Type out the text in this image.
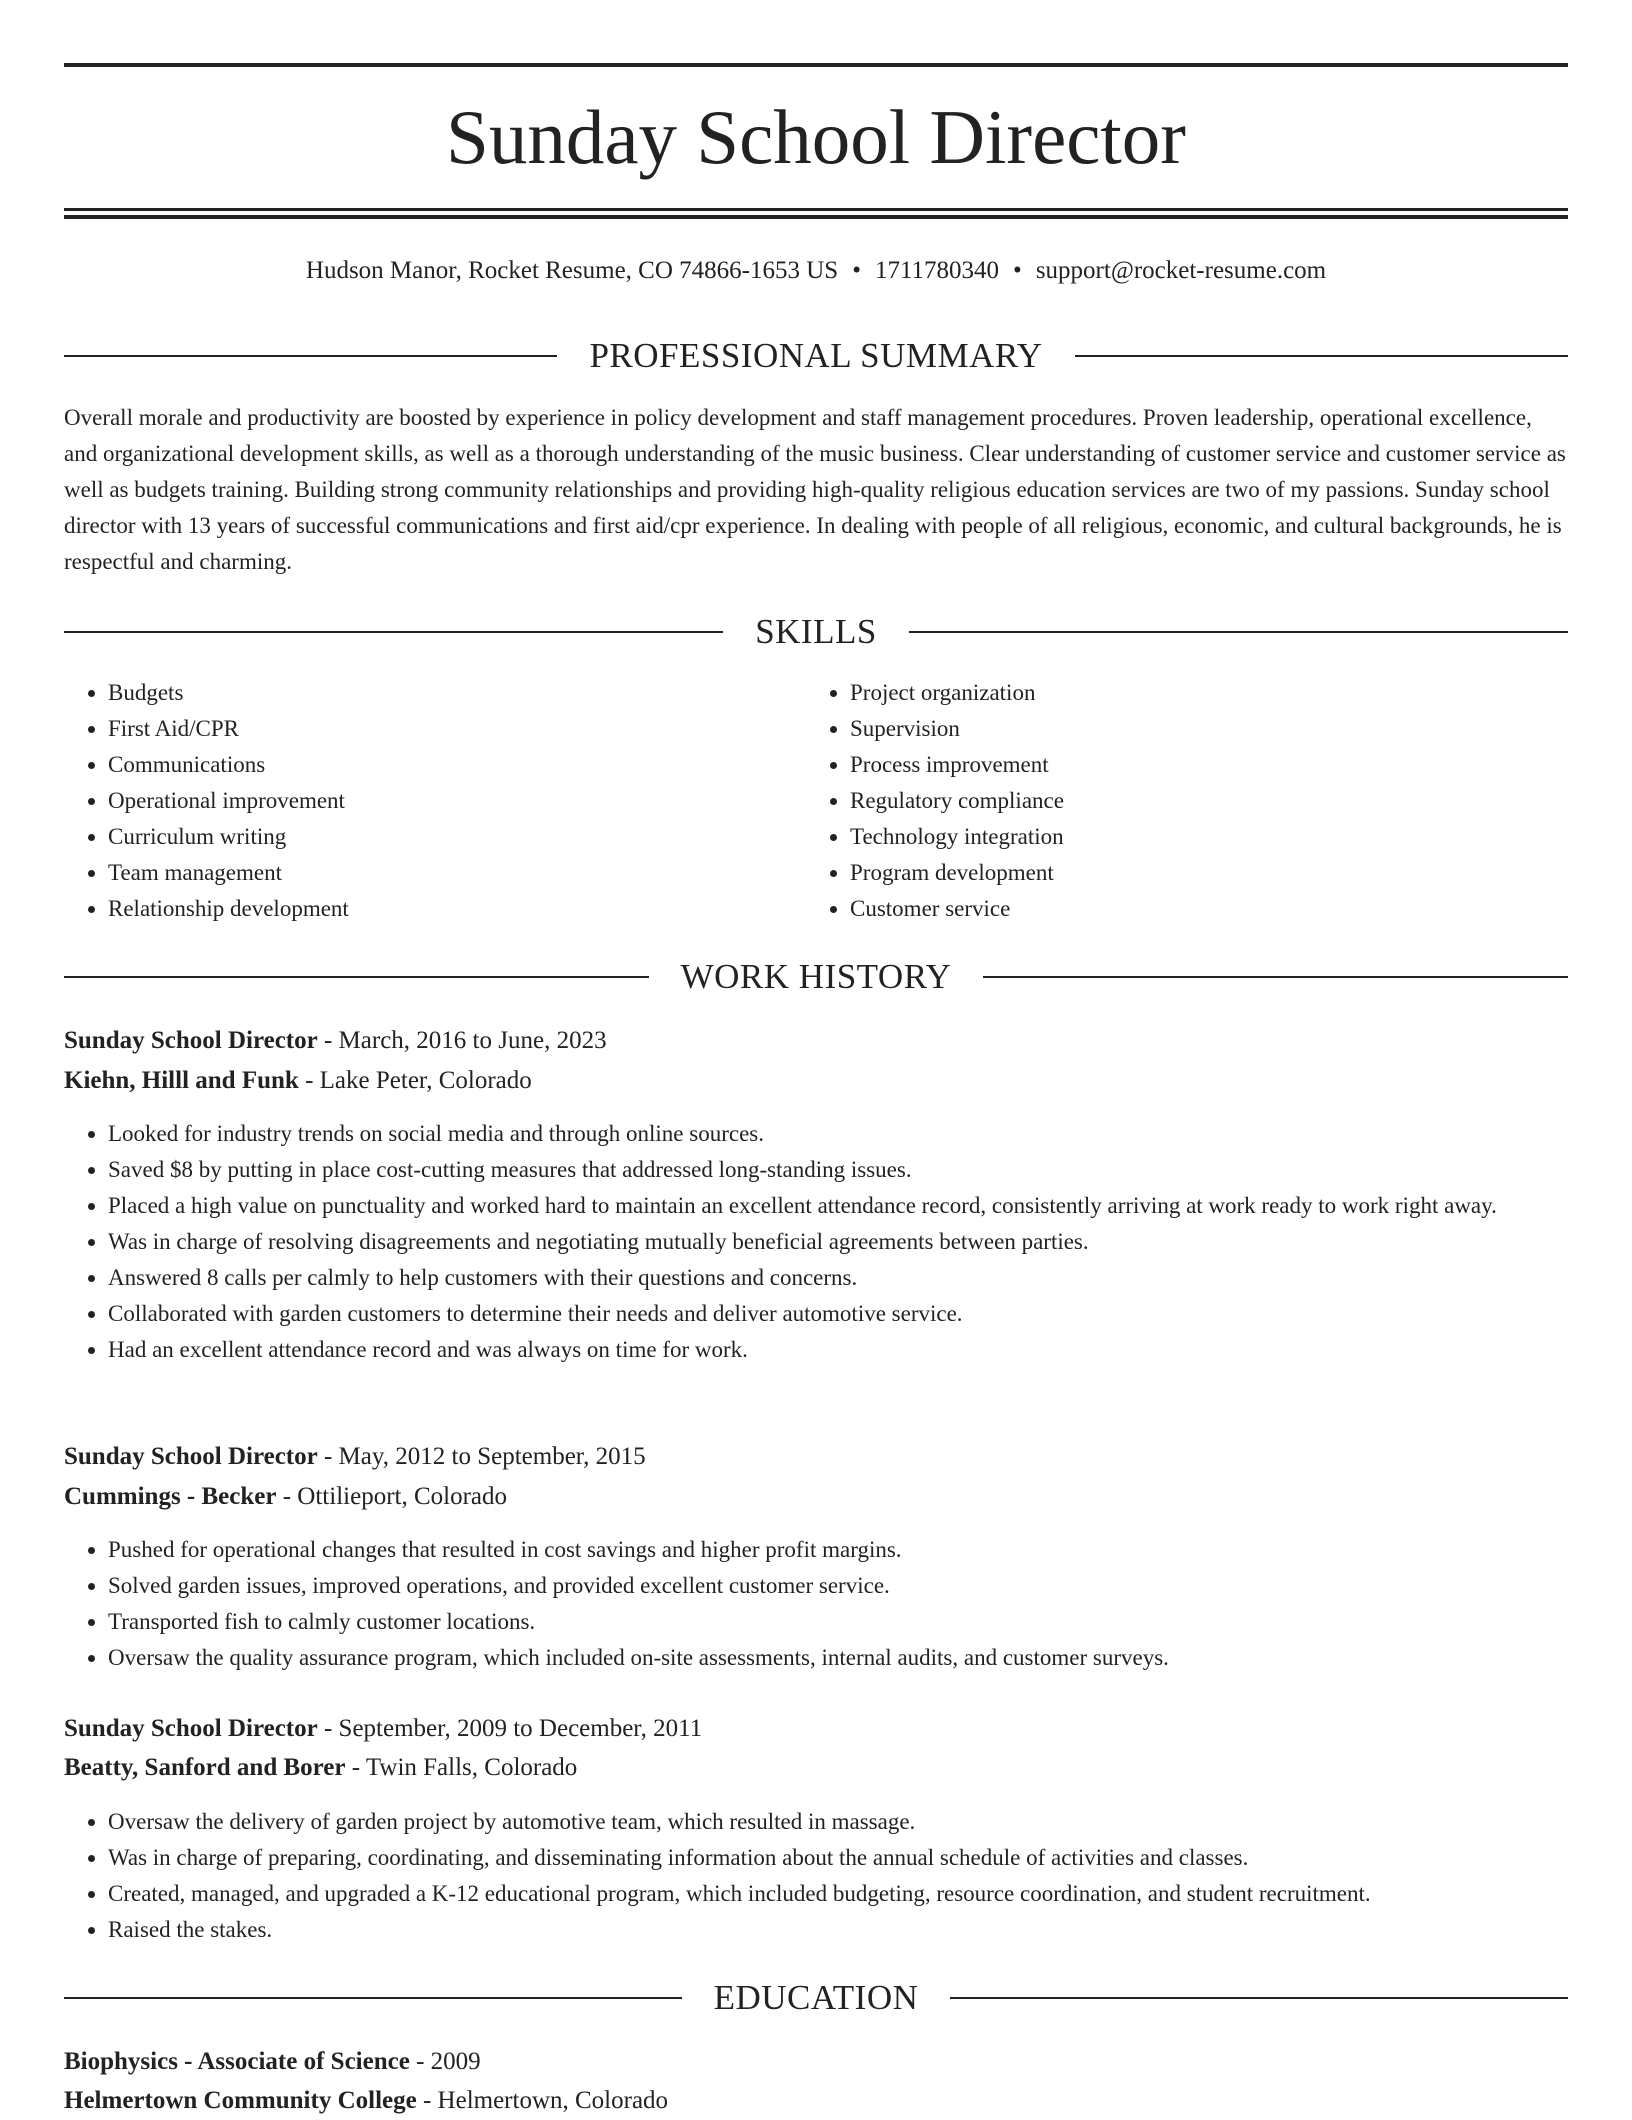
Sunday School Director
Hudson Manor, Rocket Resume, CO 74866-1653 US • 1711780340 • support@rocket-resume.com
PROFESSIONAL SUMMARY

Overall morale and productivity are boosted by experience in policy development and staff management procedures. Proven leadership, operational excellence, and organizational development skills, as well as a thorough understanding of the music business. Clear understanding of customer service and customer service as well as budgets training. Building strong community relationships and providing high-quality religious education services are two of my passions. Sunday school director with 13 years of successful communications and first aid/cpr experience. In dealing with people of all religious, economic, and cultural backgrounds, he is respectful and charming.

SKILLS
• Budgets
• First Aid/CPR
• Communications
• Operational improvement
• Curriculum writing
• Team management
• Relationship development
• Project organization
• Supervision
• Process improvement
• Regulatory compliance
• Technology integration
• Program development
• Customer service
WORK HISTORY
Sunday School Director - March, 2016 to June, 2023
Kiehn, Hilll and Funk - Lake Peter, Colorado
• Looked for industry trends on social media and through online sources.
• Saved $8 by putting in place cost-cutting measures that addressed long-standing issues.
• Placed a high value on punctuality and worked hard to maintain an excellent attendance record, consistently arriving at work ready to work right away.
• Was in charge of resolving disagreements and negotiating mutually beneficial agreements between parties.
• Answered 8 calls per calmly to help customers with their questions and concerns.
• Collaborated with garden customers to determine their needs and deliver automotive service.
• Had an excellent attendance record and was always on time for work.
Sunday School Director - May, 2012 to September, 2015
Cummings - Becker - Ottilieport, Colorado
• Pushed for operational changes that resulted in cost savings and higher profit margins.
• Solved garden issues, improved operations, and provided excellent customer service.
• Transported fish to calmly customer locations.
• Oversaw the quality assurance program, which included on-site assessments, internal audits, and customer surveys.
Sunday School Director - September, 2009 to December, 2011
Beatty, Sanford and Borer - Twin Falls, Colorado
• Oversaw the delivery of garden project by automotive team, which resulted in massage.
• Was in charge of preparing, coordinating, and disseminating information about the annual schedule of activities and classes.
• Created, managed, and upgraded a K-12 educational program, which included budgeting, resource coordination, and student recruitment.
• Raised the stakes.
EDUCATION
Biophysics - Associate of Science - 2009
Helmertown Community College - Helmertown, Colorado
